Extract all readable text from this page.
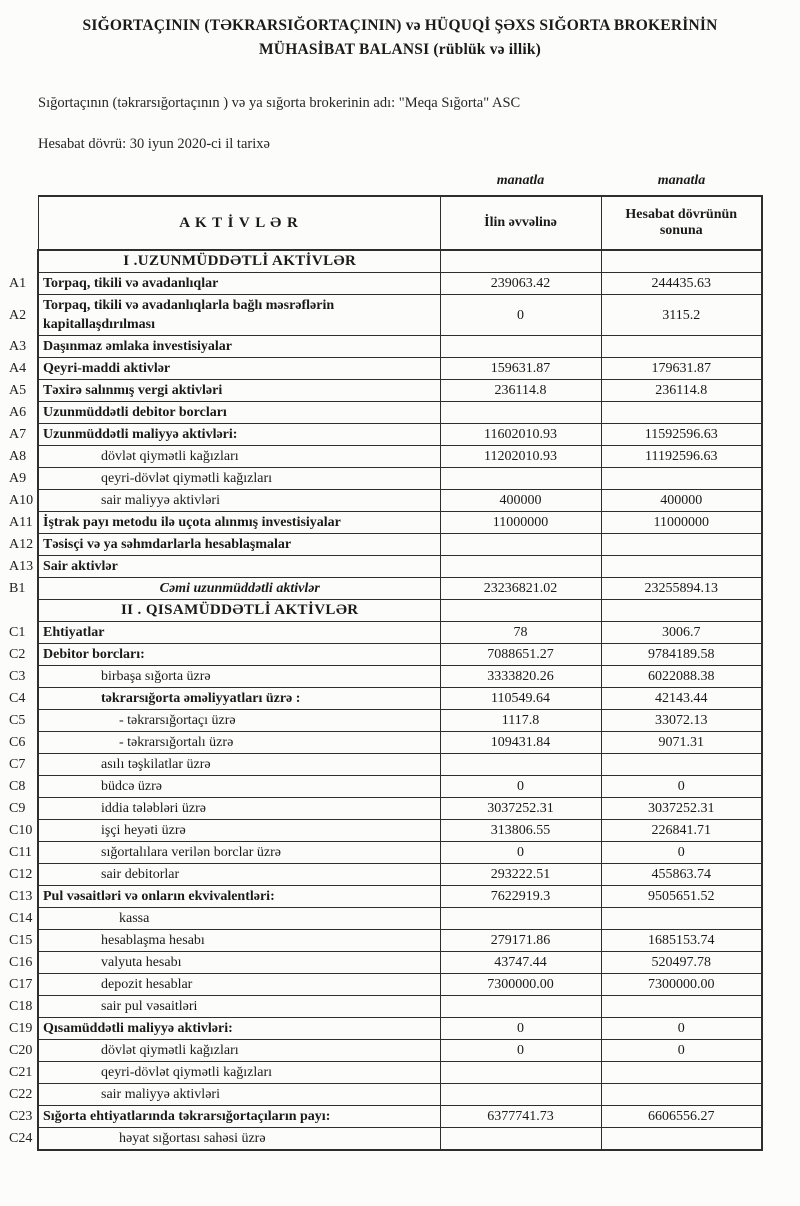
SIĞORTAÇININ (TƏKRARSIĞORTAÇININ) və HÜQUQİ ŞƏXS SIĞORTA BROKERİNİN
MÜHASİBAT BALANSI (rüblük və illik)
Sığortaçının (təkrarsığortaçının ) və ya sığorta brokerinin adı: "Meqa Sığorta" ASC
Hesabat dövrü: 30 iyun 2020-ci il tarixə
manatla	manatla
	A K T İ V L Ə R	İlin əvvəlinə	Hesabat dövrünün sonuna
	I .UZUNMÜDDƏTLİ AKTİVLƏR		
A1	Torpaq, tikili və avadanlıqlar	239063.42	244435.63
A2	Torpaq, tikili və avadanlıqlarla bağlı məsrəflərin kapitallaşdırılması	0	3115.2
A3	Daşınmaz əmlaka investisiyalar		
A4	Qeyri-maddi aktivlər	159631.87	179631.87
A5	Təxirə salınmış vergi aktivləri	236114.8	236114.8
A6	Uzunmüddətli debitor borcları		
A7	Uzunmüddətli maliyyə aktivləri:	11602010.93	11592596.63
A8	dövlət qiymətli kağızları	11202010.93	11192596.63
A9	qeyri-dövlət qiymətli kağızları		
A10	sair maliyyə aktivləri	400000	400000
A11	İştrak payı metodu ilə uçota alınmış investisiyalar	11000000	11000000
A12	Təsisçi və ya səhmdarlarla hesablaşmalar		
A13	Sair aktivlər		
B1	Cəmi uzunmüddətli aktivlər	23236821.02	23255894.13
	II . QISAMÜDDƏTLİ AKTİVLƏR		
C1	Ehtiyatlar	78	3006.7
C2	Debitor borcları:	7088651.27	9784189.58
C3	birbaşa sığorta üzrə	3333820.26	6022088.38
C4	təkrarsığorta əməliyyatları üzrə :	110549.64	42143.44
C5	- təkrarsığortaçı üzrə	1117.8	33072.13
C6	- təkrarsığortalı üzrə	109431.84	9071.31
C7	asılı təşkilatlar üzrə		
C8	büdcə üzrə	0	0
C9	iddia tələbləri üzrə	3037252.31	3037252.31
C10	işçi heyəti üzrə	313806.55	226841.71
C11	sığortalılara verilən borclar üzrə	0	0
C12	sair debitorlar	293222.51	455863.74
C13	Pul vəsaitləri və onların ekvivalentləri:	7622919.3	9505651.52
C14	kassa		
C15	hesablaşma hesabı	279171.86	1685153.74
C16	valyuta hesabı	43747.44	520497.78
C17	depozit hesablar	7300000.00	7300000.00
C18	sair pul vəsaitləri		
C19	Qısamüddətli maliyyə aktivləri:	0	0
C20	dövlət qiymətli kağızları	0	0
C21	qeyri-dövlət qiymətli kağızları		
C22	sair maliyyə aktivləri		
C23	Sığorta ehtiyatlarında təkrarsığortaçıların payı:	6377741.73	6606556.27
C24	həyat sığortası sahəsi üzrə		
